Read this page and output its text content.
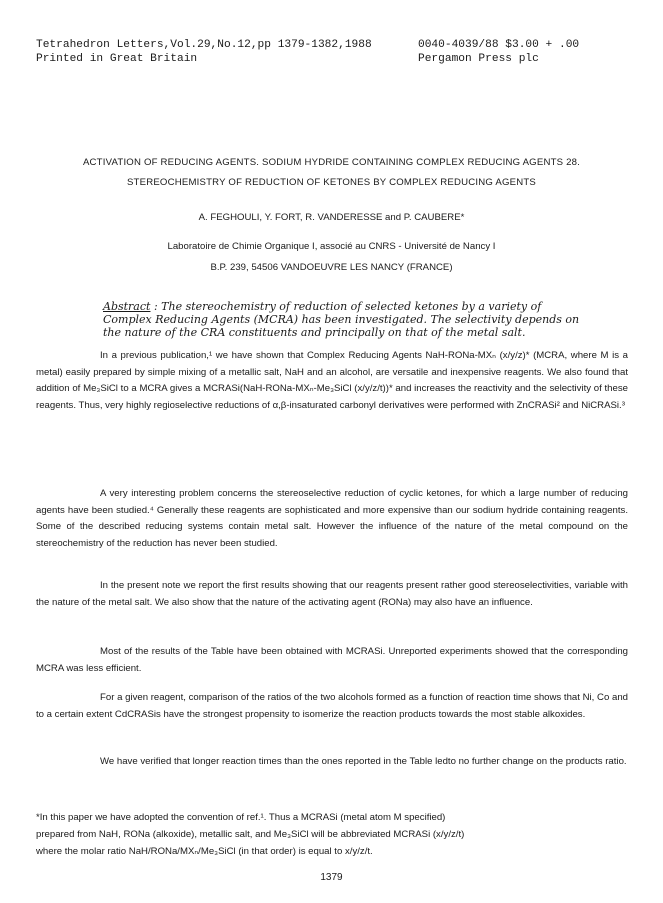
Tetrahedron Letters,Vol.29,No.12,pp 1379-1382,1988	0040-4039/88 $3.00 + .00
Printed in Great Britain	Pergamon Press plc
ACTIVATION OF REDUCING AGENTS. SODIUM HYDRIDE CONTAINING COMPLEX REDUCING AGENTS 28.
STEREOCHEMISTRY OF REDUCTION OF KETONES BY COMPLEX REDUCING AGENTS
A. FEGHOULI, Y. FORT, R. VANDERESSE and P. CAUBERE*
Laboratoire de Chimie Organique I, associé au CNRS - Université de Nancy I
B.P. 239, 54506 VANDOEUVRE LES NANCY (FRANCE)
Abstract : The stereochemistry of reduction of selected ketones by a variety of Complex Reducing Agents (MCRA) has been investigated. The selectivity depends on the nature of the CRA constituents and principally on that of the metal salt.
In a previous publication,¹ we have shown that Complex Reducing Agents NaH-RONa-MXₙ (x/y/z)* (MCRA, where M is a metal) easily prepared by simple mixing of a metallic salt, NaH and an alcohol, are versatile and inexpensive reagents. We also found that addition of Me₃SiCl to a MCRA gives a MCRASi(NaH-RONa-MXₙ-Me₃SiCl (x/y/z/t))* and increases the reactivity and the selectivity of these reagents. Thus, very highly regioselective reductions of α,β-insaturated carbonyl derivatives were performed with ZnCRASi² and NiCRASi.³
A very interesting problem concerns the stereoselective reduction of cyclic ketones, for which a large number of reducing agents have been studied.⁴ Generally these reagents are sophisticated and more expensive than our sodium hydride containing reagents. Some of the described reducing systems contain metal salt. However the influence of the nature of the metal compound on the stereochemistry of the reduction has never been studied.
In the present note we report the first results showing that our reagents present rather good stereoselectivities, variable with the nature of the metal salt. We also show that the nature of the activating agent (RONa) may also have an influence.
Most of the results of the Table have been obtained with MCRASi. Unreported experiments showed that the corresponding MCRA was less efficient.
For a given reagent, comparison of the ratios of the two alcohols formed as a function of reaction time shows that Ni, Co and to a certain extent CdCRASis have the strongest propensity to isomerize the reaction products towards the most stable alkoxides.
We have verified that longer reaction times than the ones reported in the Table ledto no further change on the products ratio.
*In this paper we have adopted the convention of ref.¹. Thus a MCRASi (metal atom M specified)
prepared from NaH, RONa (alkoxide), metallic salt, and Me₃SiCl will be abbreviated MCRASi (x/y/z/t)
where the molar ratio NaH/RONa/MXₙ/Me₃SiCl (in that order) is equal to x/y/z/t.
1379
